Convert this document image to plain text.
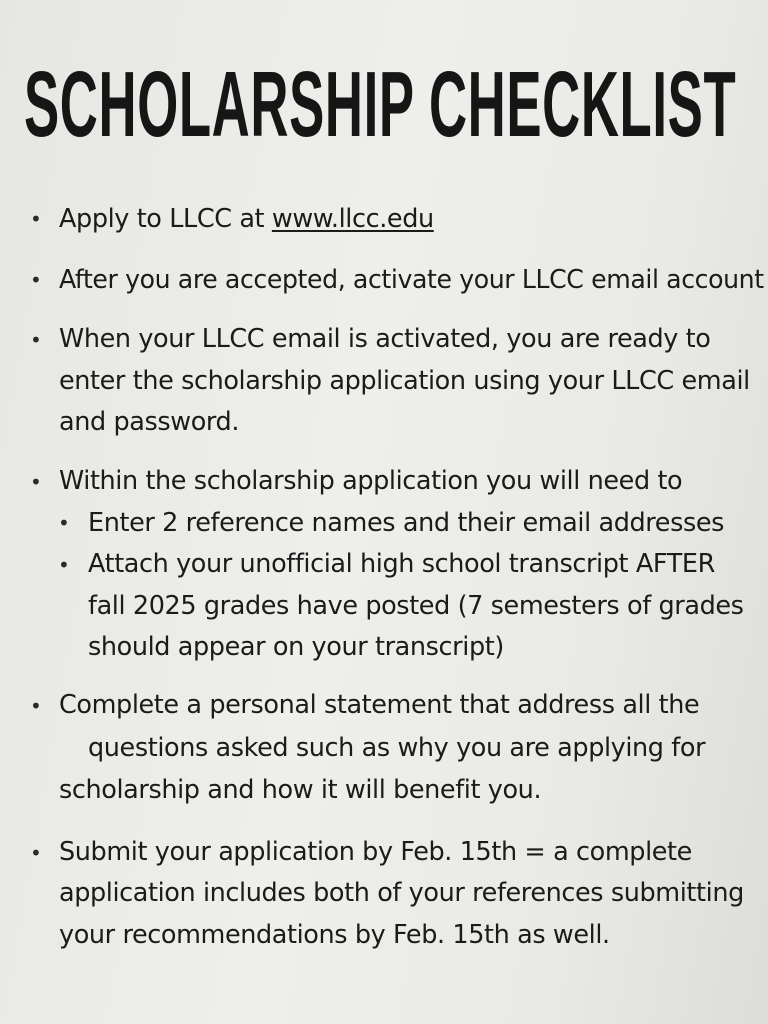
SCHOLARSHIP CHECKLIST
• Apply to LLCC at www.llcc.edu
• After you are accepted, activate your LLCC email account
• When your LLCC email is activated, you are ready to
enter the scholarship application using your LLCC email
and password.
• Within the scholarship application you will need to
• Enter 2 reference names and their email addresses
• Attach your unofficial high school transcript AFTER
fall 2025 grades have posted (7 semesters of grades
should appear on your transcript)
• Complete a personal statement that address all the
questions asked such as why you are applying for
scholarship and how it will benefit you.
• Submit your application by Feb. 15th = a complete
application includes both of your references submitting
your recommendations by Feb. 15th as well.
